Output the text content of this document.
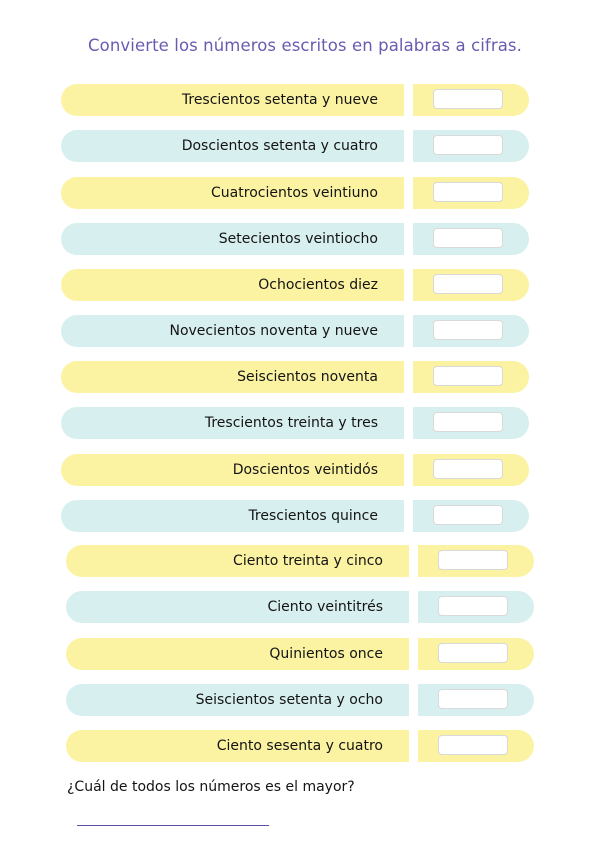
Convierte los números escritos en palabras a cifras.
Trescientos setenta y nueve
Doscientos setenta y cuatro
Cuatrocientos veintiuno
Setecientos veintiocho
Ochocientos diez
Novecientos noventa y nueve
Seiscientos noventa
Trescientos treinta y tres
Doscientos veintidós
Trescientos quince
Ciento treinta y cinco
Ciento veintitrés
Quinientos once
Seiscientos setenta y ocho
Ciento sesenta y cuatro
¿Cuál de todos los números es el mayor?
